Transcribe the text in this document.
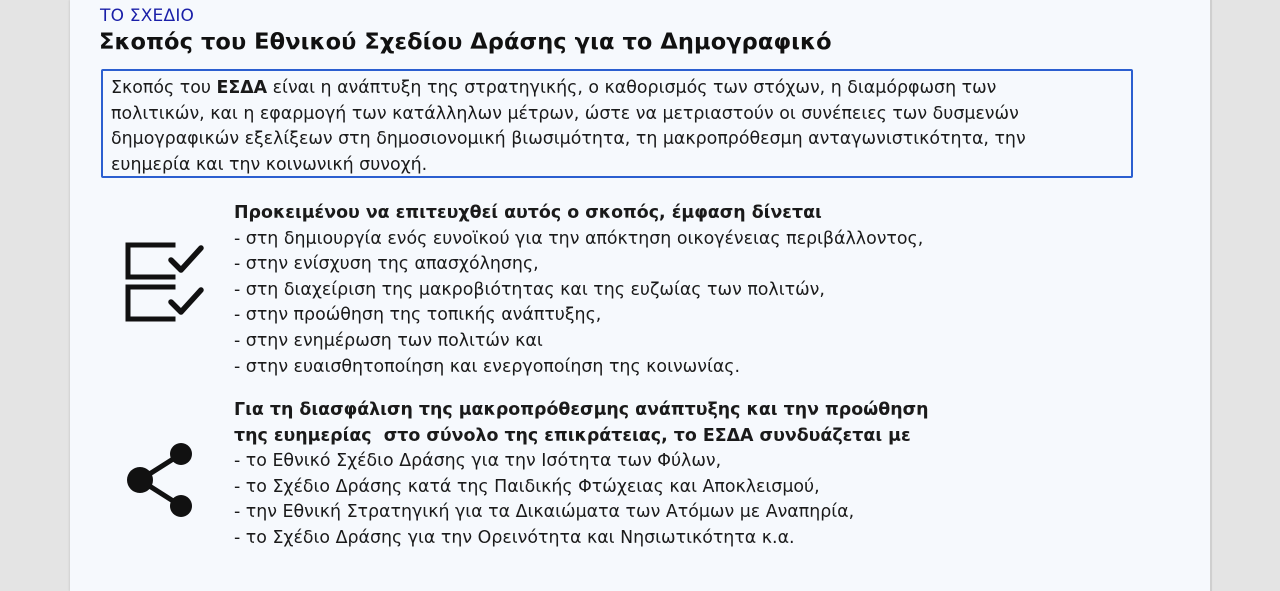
ΤΟ ΣΧΕΔΙΟ
Σκοπός του Εθνικού Σχεδίου Δράσης για το Δημογραφικό
Σκοπός του ΕΣΔΑ είναι η ανάπτυξη της στρατηγικής, ο καθορισμός των στόχων, η διαμόρφωση των
πολιτικών, και η εφαρμογή των κατάλληλων μέτρων, ώστε να μετριαστούν οι συνέπειες των δυσμενών
δημογραφικών εξελίξεων στη δημοσιονομική βιωσιμότητα, τη μακροπρόθεσμη ανταγωνιστικότητα, την
ευημερία και την κοινωνική συνοχή.
Προκειμένου να επιτευχθεί αυτός ο σκοπός, έμφαση δίνεται
- στη δημιουργία ενός ευνοϊκού για την απόκτηση οικογένειας περιβάλλοντος,
- στην ενίσχυση της απασχόλησης,
- στη διαχείριση της μακροβιότητας και της ευζωίας των πολιτών,
- στην προώθηση της τοπικής ανάπτυξης,
- στην ενημέρωση των πολιτών και
- στην ευαισθητοποίηση και ενεργοποίηση της κοινωνίας.
Για τη διασφάλιση της μακροπρόθεσμης ανάπτυξης και την προώθηση
της ευημερίας  στο σύνολο της επικράτειας, το ΕΣΔΑ συνδυάζεται με
- το Εθνικό Σχέδιο Δράσης για την Ισότητα των Φύλων,
- το Σχέδιο Δράσης κατά της Παιδικής Φτώχειας και Αποκλεισμού,
- την Εθνική Στρατηγική για τα Δικαιώματα των Ατόμων με Αναπηρία,
- το Σχέδιο Δράσης για την Ορεινότητα και Νησιωτικότητα κ.α.
